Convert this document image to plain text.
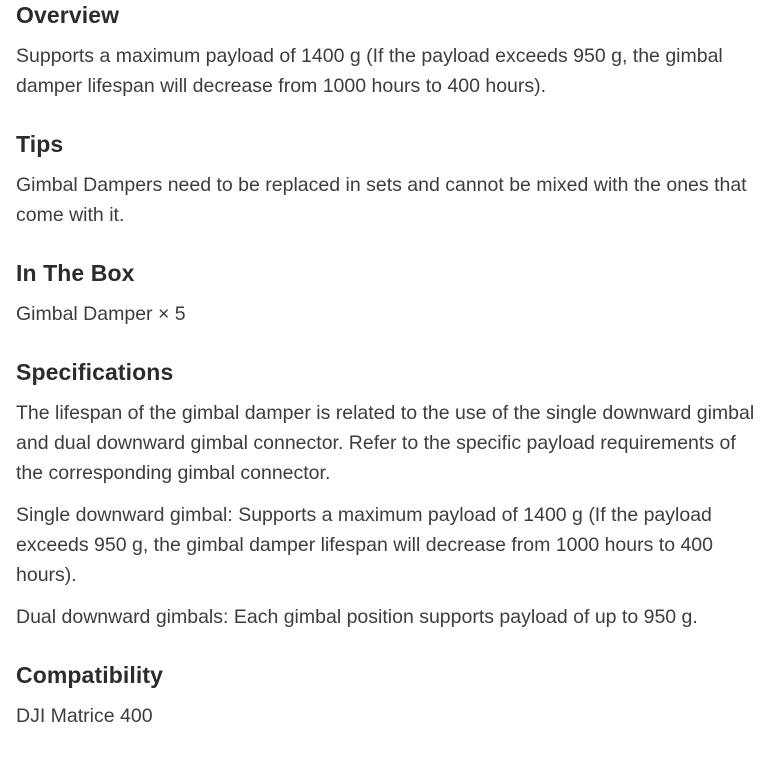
Overview

Supports a maximum payload of 1400 g (If the payload exceeds 950 g, the gimbal damper lifespan will decrease from 1000 hours to 400 hours).

Tips

Gimbal Dampers need to be replaced in sets and cannot be mixed with the ones that come with it.

In The Box

Gimbal Damper × 5

Specifications

The lifespan of the gimbal damper is related to the use of the single downward gimbal and dual downward gimbal connector. Refer to the specific payload requirements of the corresponding gimbal connector.

Single downward gimbal: Supports a maximum payload of 1400 g (If the payload exceeds 950 g, the gimbal damper lifespan will decrease from 1000 hours to 400 hours).

Dual downward gimbals: Each gimbal position supports payload of up to 950 g.

Compatibility

DJI Matrice 400
